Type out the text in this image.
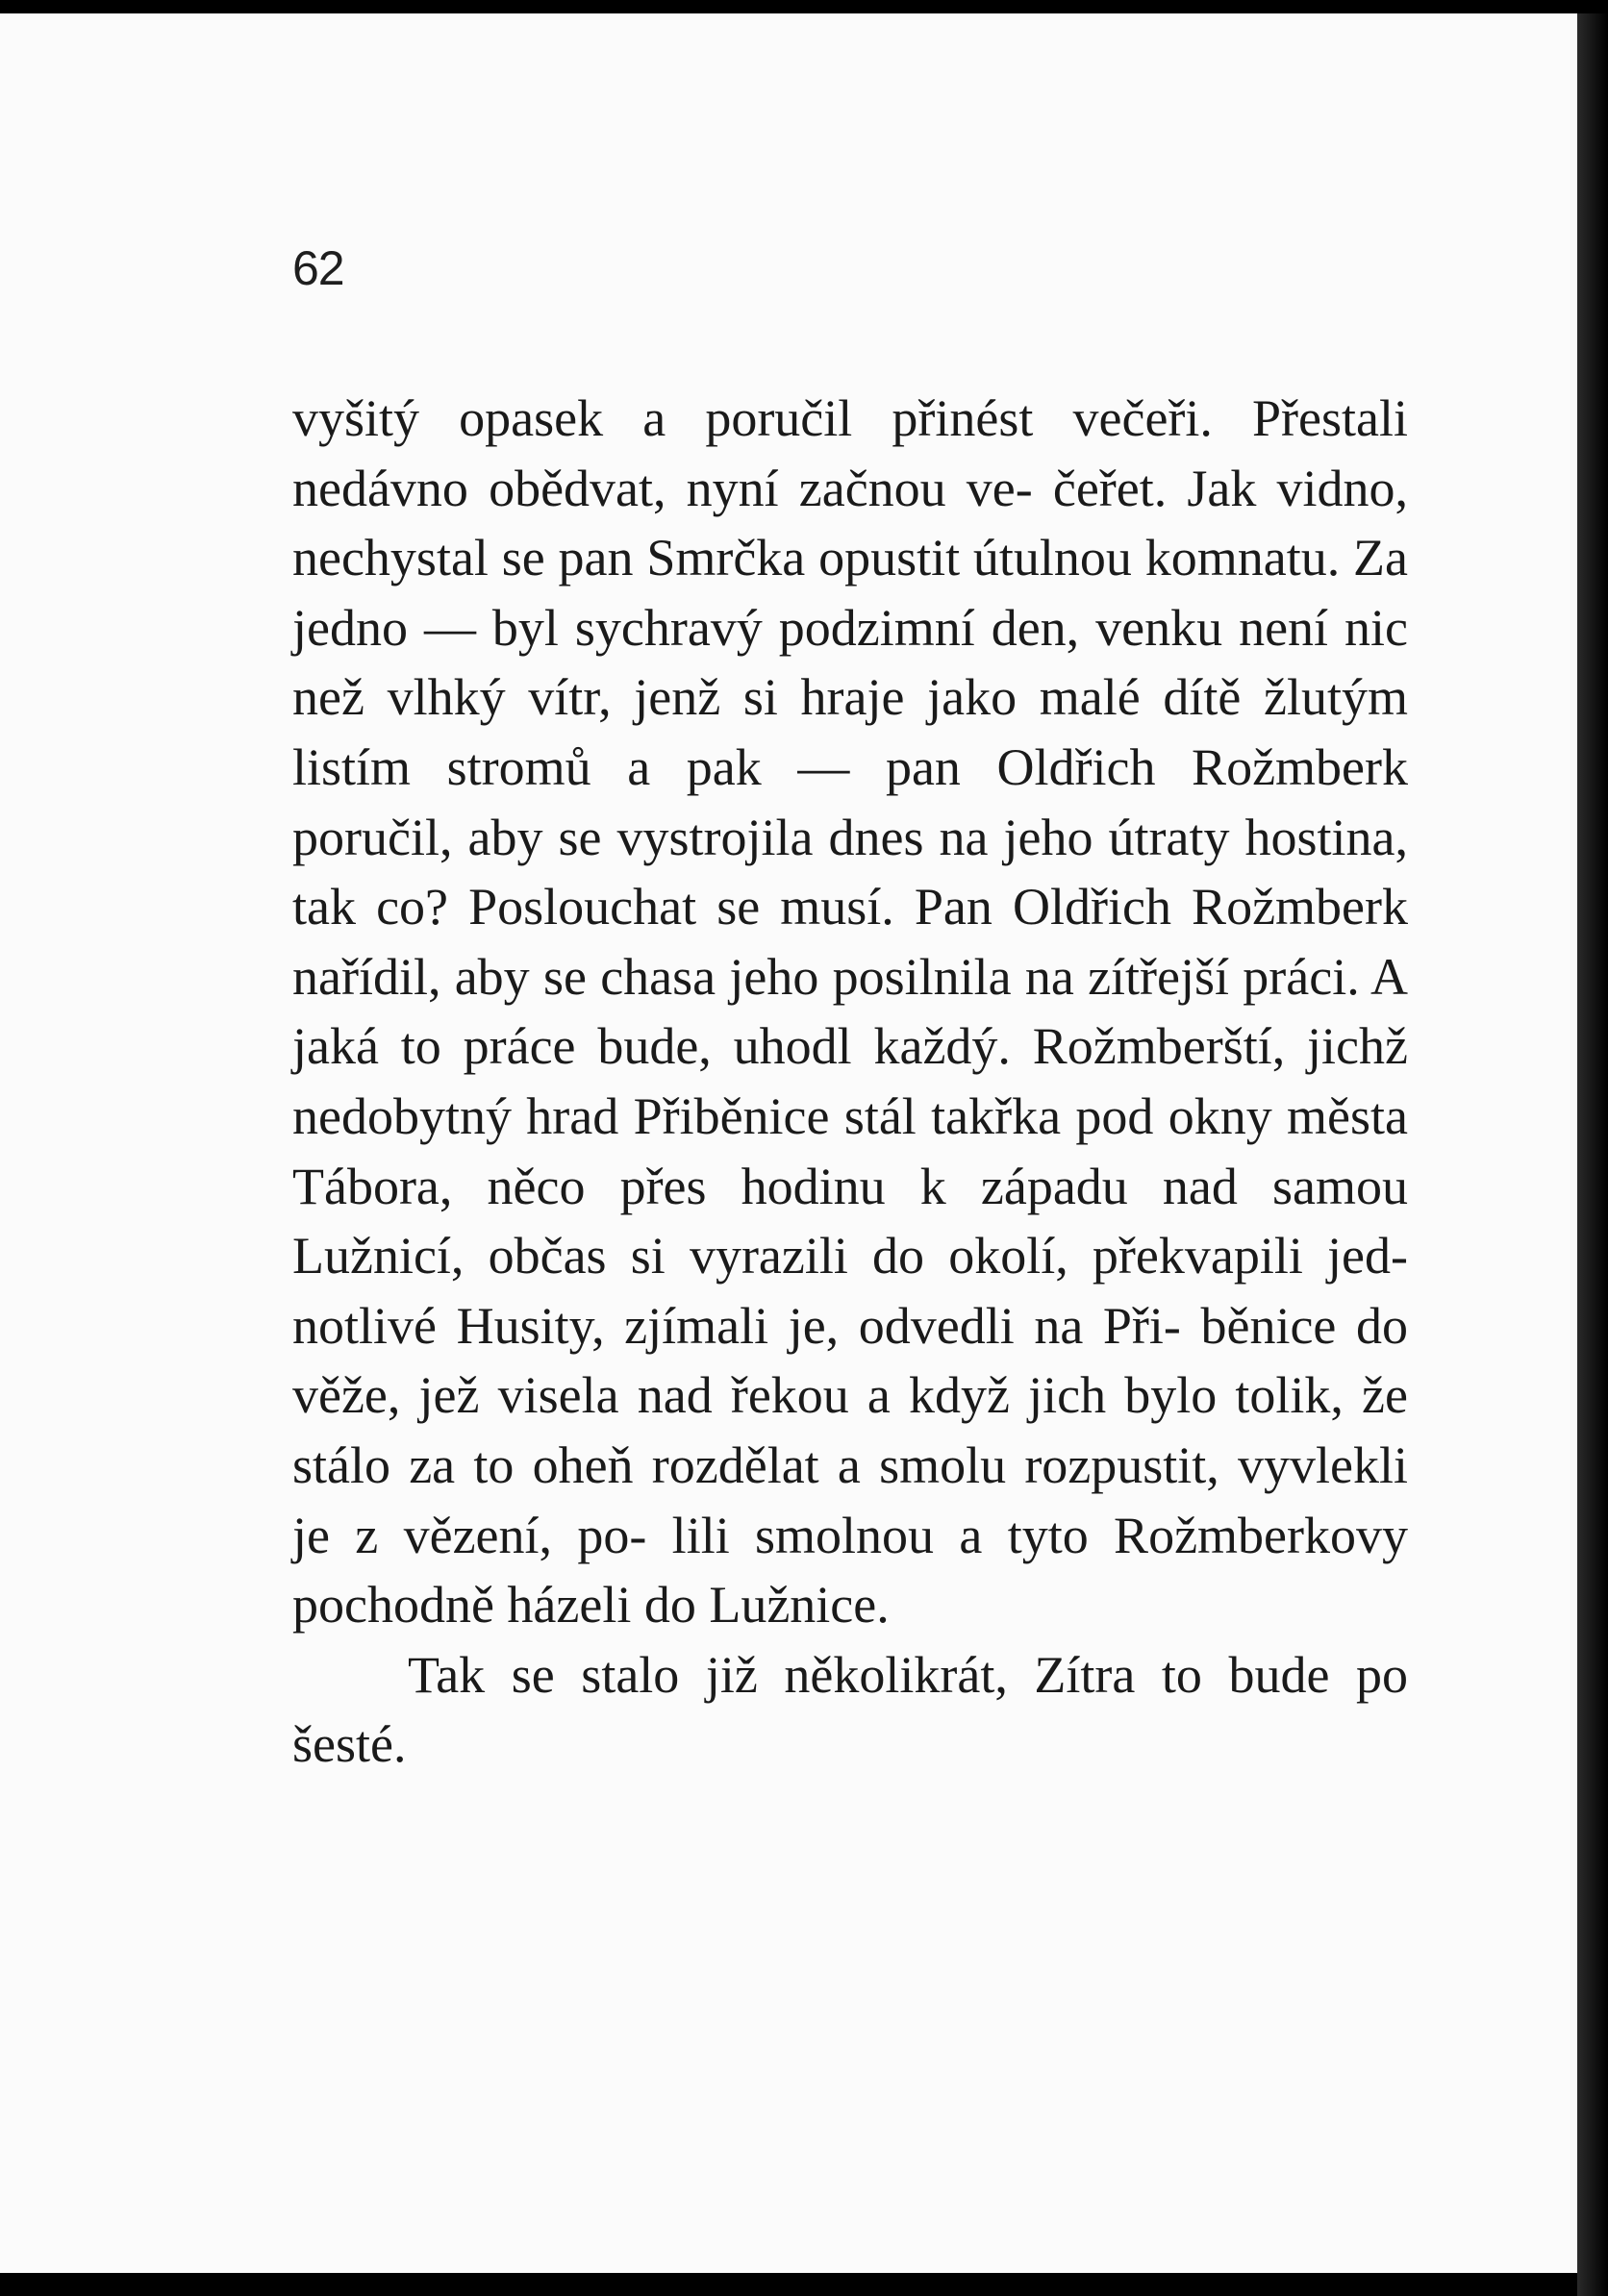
62

vyšitý opasek a poručil přinést večeři. Přestali nedávno obědvat, nyní začnou ve- čeřet. Jak vidno, nechystal se pan Smrčka opustit útulnou komnatu. Za jedno — byl sychravý podzimní den, venku není nic než vlhký vítr, jenž si hraje jako malé dítě žlutým listím stromů a pak — pan Oldřich Rožmberk poručil, aby se vystrojila dnes na jeho útraty hostina, tak co? Poslouchat se musí. Pan Oldřich Rožmberk nařídil, aby se chasa jeho posilnila na zítřejší práci. A jaká to práce bude, uhodl každý. Rožmberští, jichž nedobytný hrad Přiběnice stál takřka pod okny města Tábora, něco přes hodinu k západu nad samou Lužnicí, občas si vyrazili do okolí, překvapili jed- notlivé Husity, zjímali je, odvedli na Při- běnice do věže, jež visela nad řekou a když jich bylo tolik, že stálo za to oheň rozdělat a smolu rozpustit, vyvlekli je z vězení, po- lili smolnou a tyto Rožmberkovy pochodně házeli do Lužnice.

Tak se stalo již několikrát, Zítra to bude po šesté.
